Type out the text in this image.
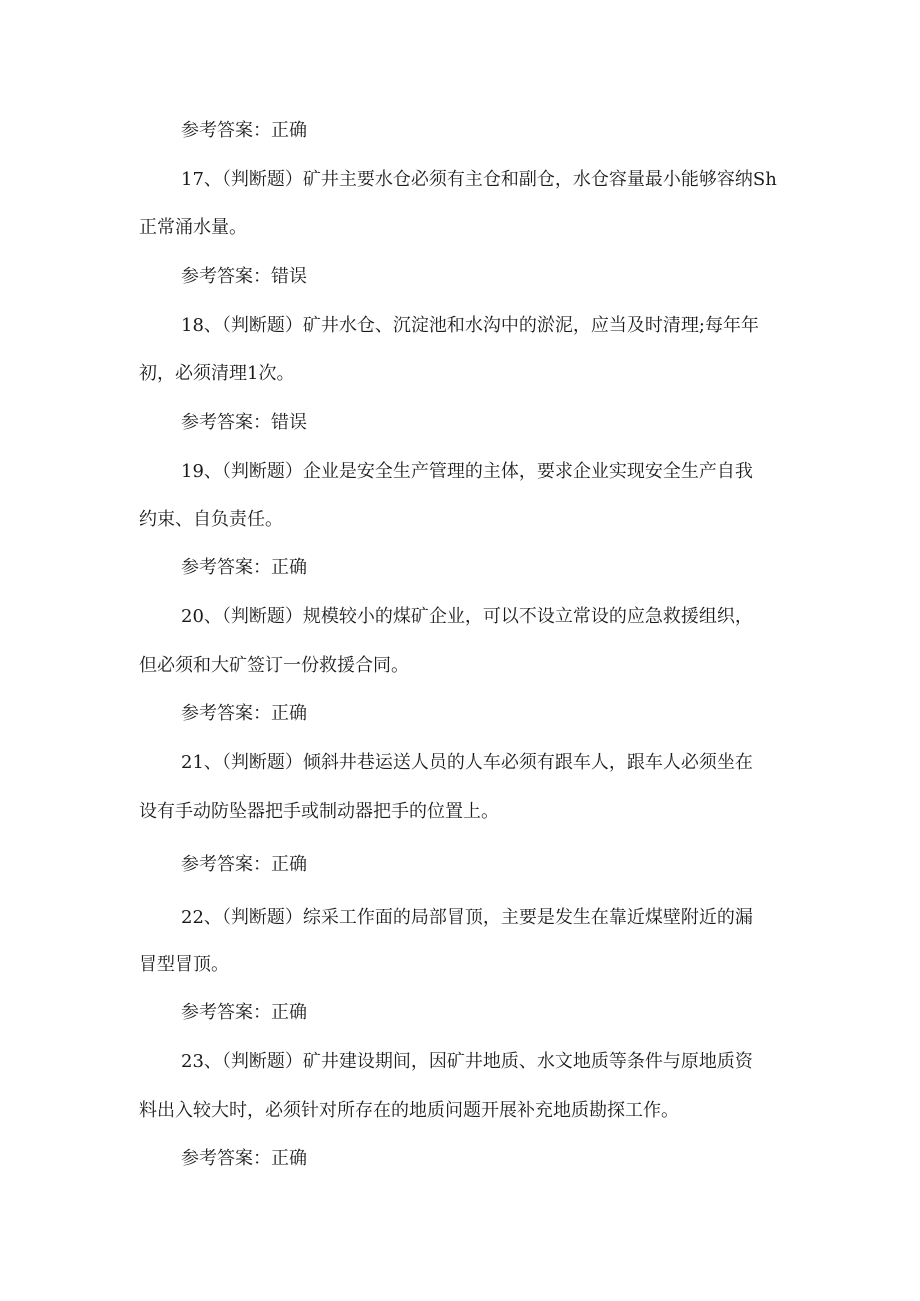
参考答案：正确
17、（判断题）矿井主要水仓必须有主仓和副仓，水仓容量最小能够容纳Sh
正常涌水量。
参考答案：错误
18、（判断题）矿井水仓、沉淀池和水沟中的淤泥，应当及时清理;每年年
初，必须清理1次。
参考答案：错误
19、（判断题）企业是安全生产管理的主体，要求企业实现安全生产自我
约束、自负责任。
参考答案：正确
20、（判断题）规模较小的煤矿企业，可以不设立常设的应急救援组织，
但必须和大矿签订一份救援合同。
参考答案：正确
21、（判断题）倾斜井巷运送人员的人车必须有跟车人，跟车人必须坐在
设有手动防坠器把手或制动器把手的位置上。
参考答案：正确
22、（判断题）综采工作面的局部冒顶，主要是发生在靠近煤壁附近的漏
冒型冒顶。
参考答案：正确
23、（判断题）矿井建设期间，因矿井地质、水文地质等条件与原地质资
料出入较大时，必须针对所存在的地质问题开展补充地质勘探工作。
参考答案：正确
